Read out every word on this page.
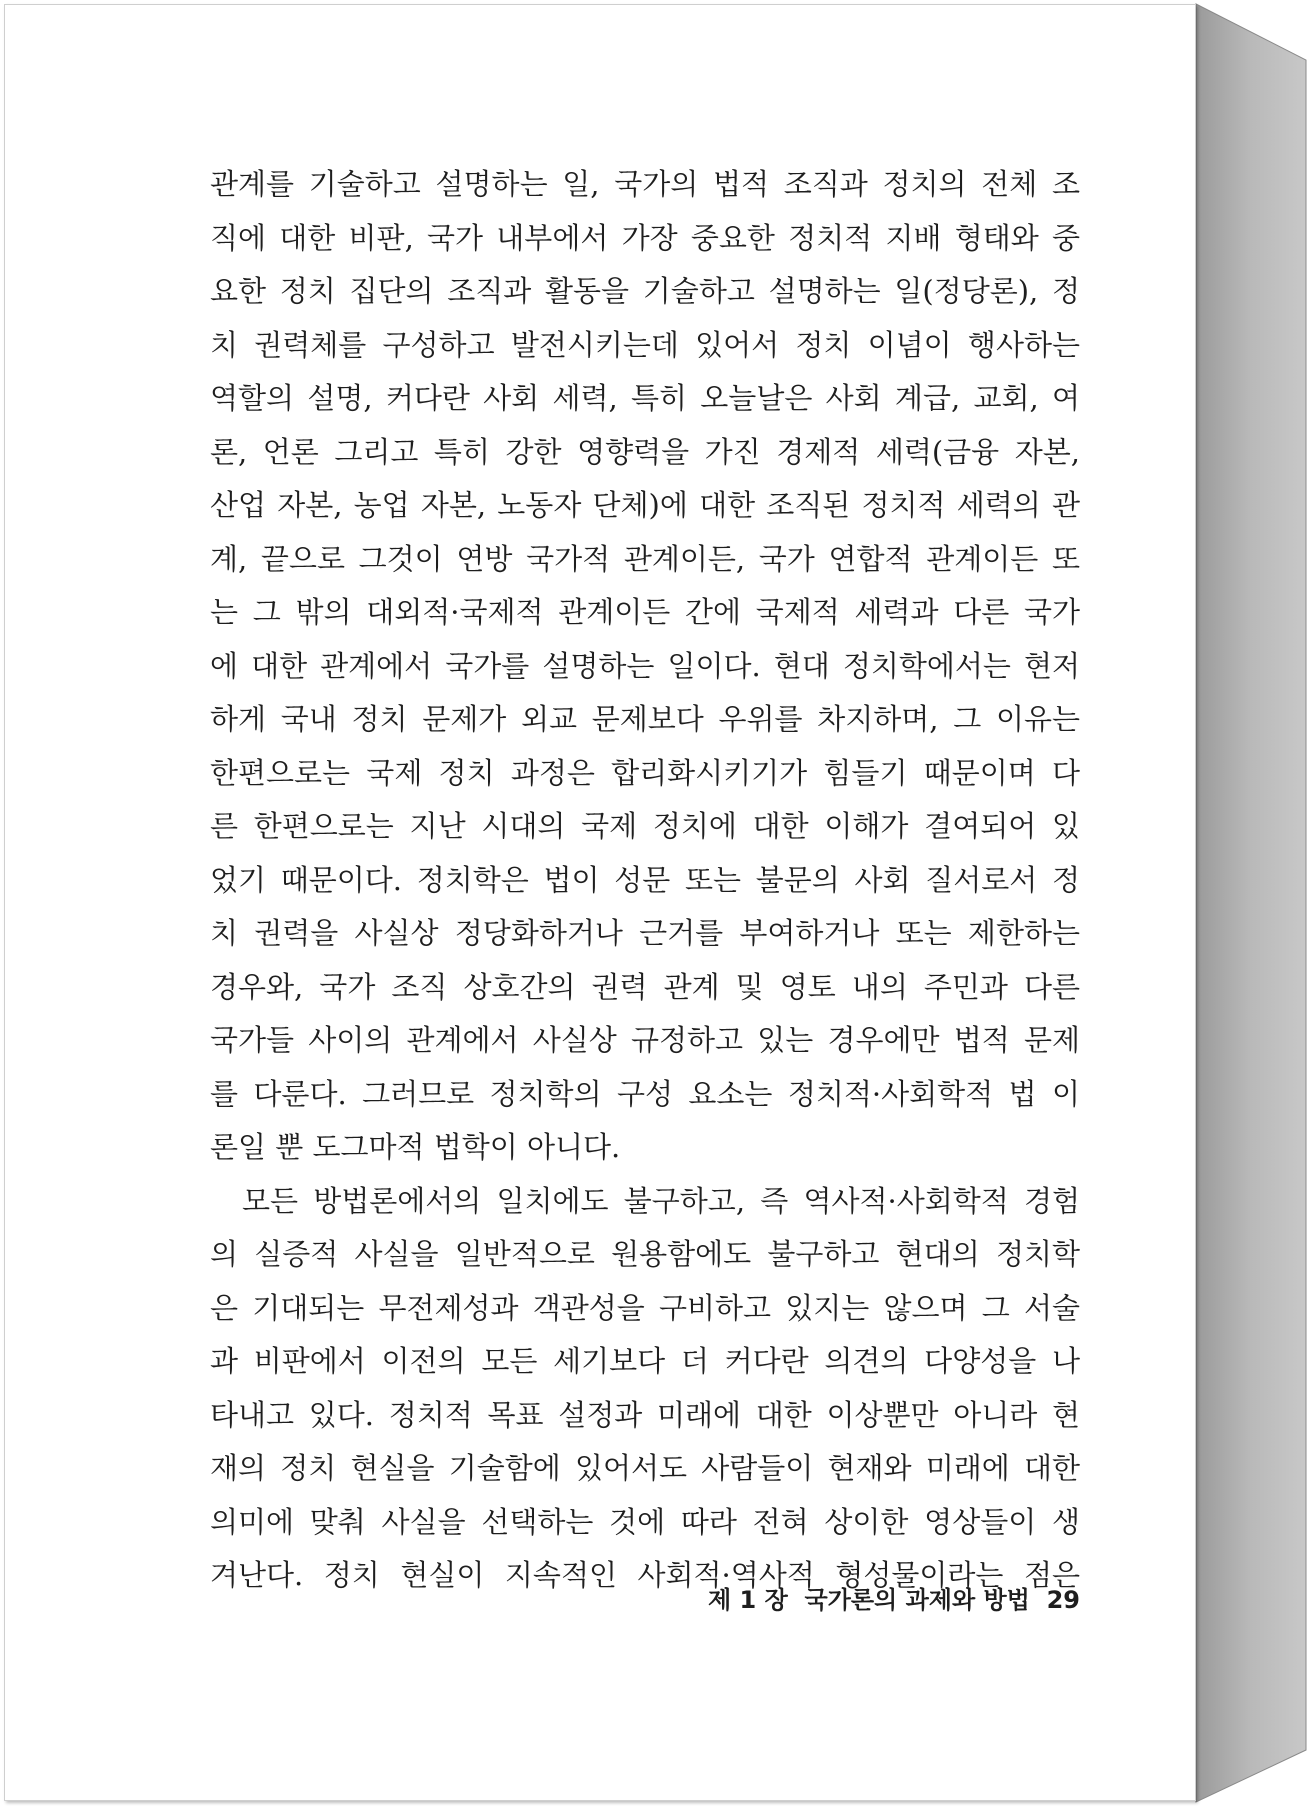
관계를 기술하고 설명하는 일, 국가의 법적 조직과 정치의 전체 조
직에 대한 비판, 국가 내부에서 가장 중요한 정치적 지배 형태와 중
요한 정치 집단의 조직과 활동을 기술하고 설명하는 일(정당론), 정
치 권력체를 구성하고 발전시키는데 있어서 정치 이념이 행사하는
역할의 설명, 커다란 사회 세력, 특히 오늘날은 사회 계급, 교회, 여
론, 언론 그리고 특히 강한 영향력을 가진 경제적 세력(금융 자본,
산업 자본, 농업 자본, 노동자 단체)에 대한 조직된 정치적 세력의 관
계, 끝으로 그것이 연방 국가적 관계이든, 국가 연합적 관계이든 또
는 그 밖의 대외적·국제적 관계이든 간에 국제적 세력과 다른 국가
에 대한 관계에서 국가를 설명하는 일이다. 현대 정치학에서는 현저
하게 국내 정치 문제가 외교 문제보다 우위를 차지하며, 그 이유는
한편으로는 국제 정치 과정은 합리화시키기가 힘들기 때문이며 다
른 한편으로는 지난 시대의 국제 정치에 대한 이해가 결여되어 있
었기 때문이다. 정치학은 법이 성문 또는 불문의 사회 질서로서 정
치 권력을 사실상 정당화하거나 근거를 부여하거나 또는 제한하는
경우와, 국가 조직 상호간의 권력 관계 및 영토 내의 주민과 다른
국가들 사이의 관계에서 사실상 규정하고 있는 경우에만 법적 문제
를 다룬다. 그러므로 정치학의 구성 요소는 정치적·사회학적 법 이
론일 뿐 도그마적 법학이 아니다.
모든 방법론에서의 일치에도 불구하고, 즉 역사적·사회학적 경험
의 실증적 사실을 일반적으로 원용함에도 불구하고 현대의 정치학
은 기대되는 무전제성과 객관성을 구비하고 있지는 않으며 그 서술
과 비판에서 이전의 모든 세기보다 더 커다란 의견의 다양성을 나
타내고 있다. 정치적 목표 설정과 미래에 대한 이상뿐만 아니라 현
재의 정치 현실을 기술함에 있어서도 사람들이 현재와 미래에 대한
의미에 맞춰 사실을 선택하는 것에 따라 전혀 상이한 영상들이 생
겨난다. 정치 현실이 지속적인 사회적·역사적 형성물이라는 점은
제 1 장 국가론의 과제와 방법 29
